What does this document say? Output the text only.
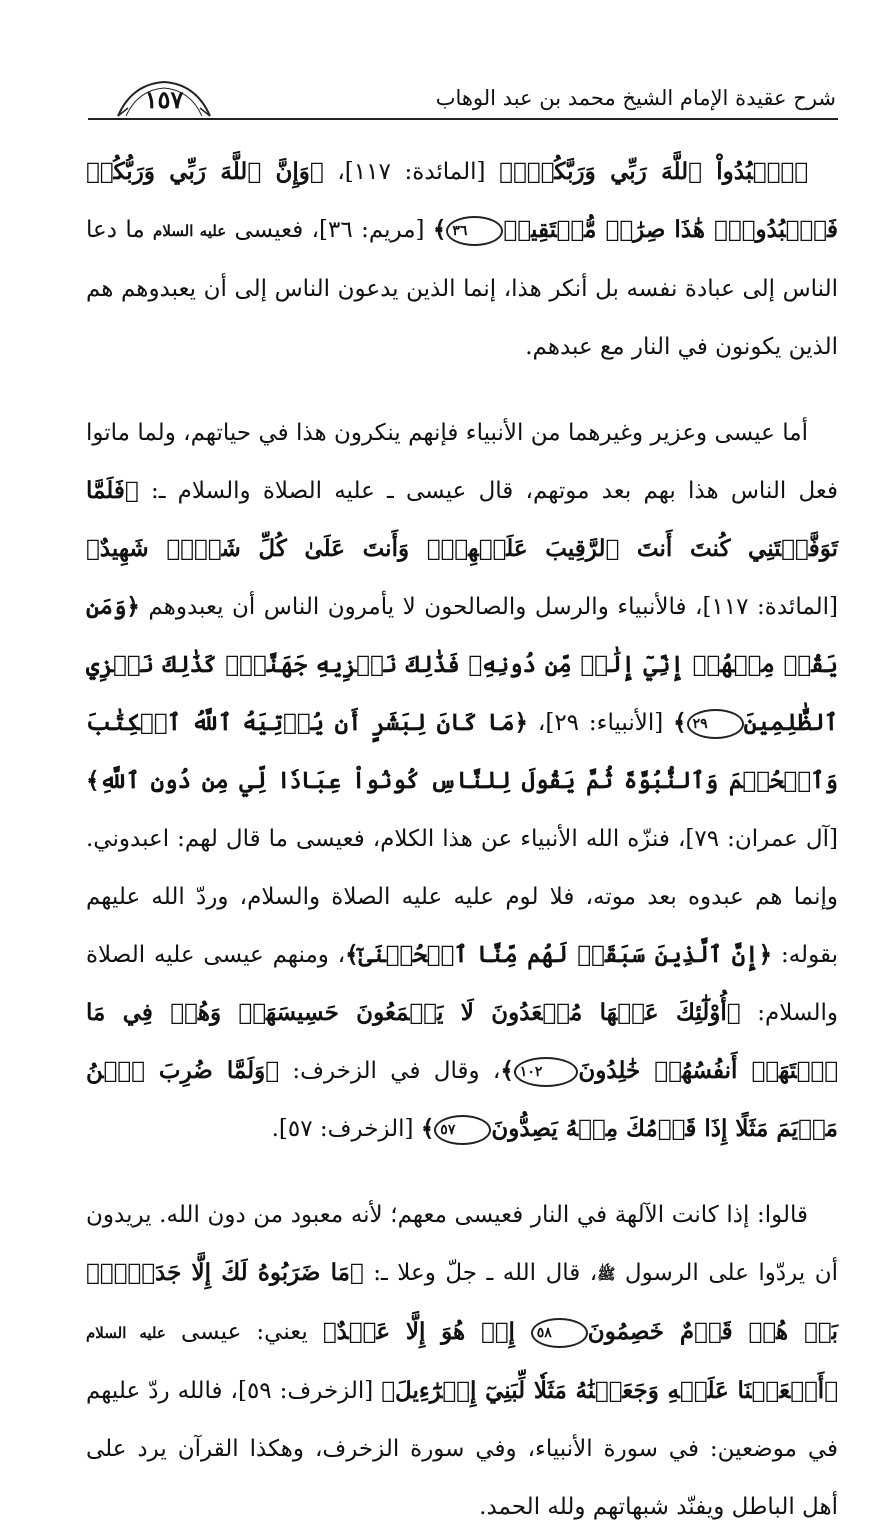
شرح عقيدة الإمام الشيخ محمد بن عبد الوهاب
١٥٧

﴿ٱعۡبُدُواْ ٱللَّهَ رَبِّي وَرَبَّكُمۡۚ﴾ [المائدة: ١١٧]، ﴿وَإِنَّ ٱللَّهَ رَبِّي وَرَبُّكُمۡ فَٱعۡبُدُوهُۚ هَٰذَا صِرَٰطٞ مُّسۡتَقِيمٞ٣٦﴾ [مريم: ٣٦]، فعيسى عليه السلام ما دعا الناس إلى عبادة نفسه بل أنكر هذا، إنما الذين يدعون الناس إلى أن يعبدوهم هم الذين يكونون في النار مع عبدهم.

أما عيسى وعزير وغيرهما من الأنبياء فإنهم ينكرون هذا في حياتهم، ولما ماتوا فعل الناس هذا بهم بعد موتهم، قال عيسى ـ عليه الصلاة والسلام ـ: ﴿فَلَمَّا تَوَفَّيۡتَنِي كُنتَ أَنتَ ٱلرَّقِيبَ عَلَيۡهِمۡۚ وَأَنتَ عَلَىٰ كُلِّ شَيۡءٖ شَهِيدٌ﴾ [المائدة: ١١٧]، فالأنبياء والرسل والصالحون لا يأمرون الناس أن يعبدوهم ﴿وَمَن يَقُلۡ مِنۡهُمۡ إِنِّيٓ إِلَٰهٞ مِّن دُونِهِۦ فَذَٰلِكَ نَجۡزِيهِ جَهَنَّمَۚ كَذَٰلِكَ نَجۡزِي ٱلظَّٰلِمِينَ٢٩﴾ [الأنبياء: ٢٩]، ﴿مَا كَانَ لِبَشَرٍ أَن يُؤۡتِيَهُ ٱللَّهُ ٱلۡكِتَٰبَ وَٱلۡحُكۡمَ وَٱلنُّبُوَّةَ ثُمَّ يَقُولَ لِلنَّاسِ كُونُواْ عِبَادٗا لِّي مِن دُونِ ٱللَّهِ﴾ [آل عمران: ٧٩]، فنزّه الله الأنبياء عن هذا الكلام، فعيسى ما قال لهم: اعبدوني. وإنما هم عبدوه بعد موته، فلا لوم عليه عليه الصلاة والسلام، وردّ الله عليهم بقوله: ﴿إِنَّ ٱلَّذِينَ سَبَقَتۡ لَهُم مِّنَّا ٱلۡحُسۡنَىٰٓ﴾، ومنهم عيسى عليه الصلاة والسلام: ﴿أُوْلَٰٓئِكَ عَنۡهَا مُبۡعَدُونَ لَا يَسۡمَعُونَ حَسِيسَهَاۖ وَهُمۡ فِي مَا ٱشۡتَهَتۡ أَنفُسُهُمۡ خَٰلِدُونَ١٠٢﴾، وقال في الزخرف: ﴿وَلَمَّا ضُرِبَ ٱبۡنُ مَرۡيَمَ مَثَلًا إِذَا قَوۡمُكَ مِنۡهُ يَصِدُّونَ٥٧﴾ [الزخرف: ٥٧].

قالوا: إذا كانت الآلهة في النار فعيسى معهم؛ لأنه معبود من دون الله. يريدون أن يردّوا على الرسول ﷺ، قال الله ـ جلّ وعلا ـ: ﴿مَا ضَرَبُوهُ لَكَ إِلَّا جَدَلَۢاۚ بَلۡ هُمۡ قَوۡمٌ خَصِمُونَ٥٨ إِنۡ هُوَ إِلَّا عَبۡدٌ﴾ يعني: عيسى عليه السلام ﴿أَنۡعَمۡنَا عَلَيۡهِ وَجَعَلۡنَٰهُ مَثَلٗا لِّبَنِيٓ إِسۡرَٰٓءِيلَ﴾ [الزخرف: ٥٩]، فالله ردّ عليهم في موضعين: في سورة الأنبياء، وفي سورة الزخرف، وهكذا القرآن يرد على أهل الباطل ويفنّد شبهاتهم ولله الحمد.
